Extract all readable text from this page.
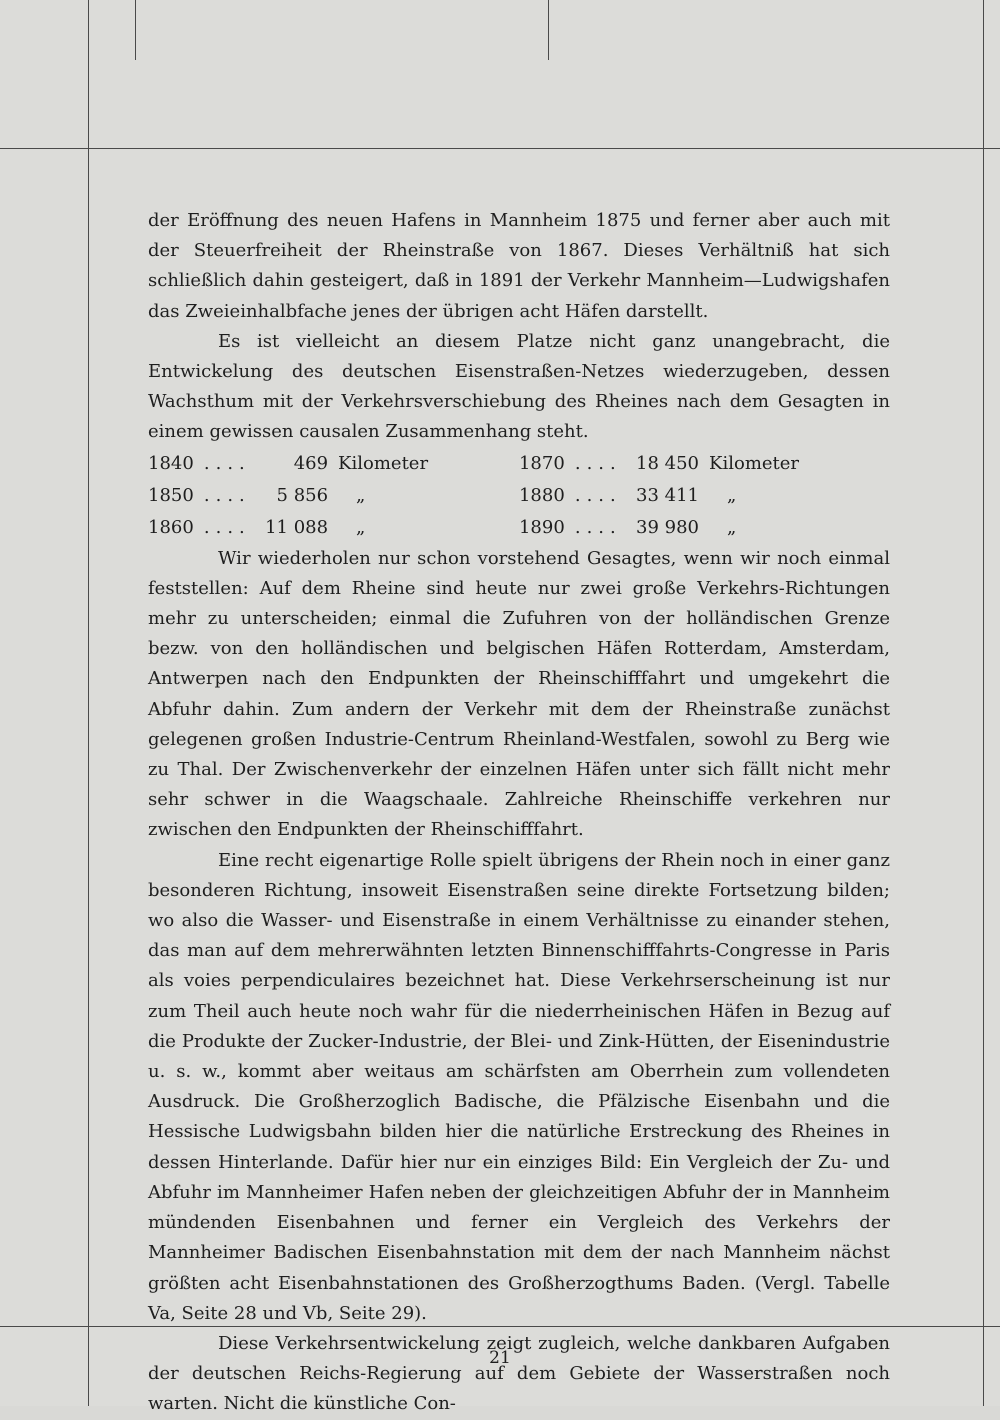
der Eröffnung des neuen Hafens in Mannheim 1875 und ferner aber auch mit der Steuerfreiheit der Rheinstraße von 1867. Dieses Verhältniß hat sich schließlich dahin gesteigert, daß in 1891 der Verkehr Mannheim—Ludwigshafen das Zweieinhalbfache jenes der übrigen acht Häfen darstellt.

Es ist vielleicht an diesem Platze nicht ganz unangebracht, die Entwickelung des deutschen Eisenstraßen-Netzes wiederzugeben, dessen Wachsthum mit der Verkehrsverschiebung des Rheines nach dem Gesagten in einem gewissen causalen Zusammenhang steht.

1840	....	469	Kilometer	1870	....	18 450	Kilometer
1850	....	5 856	„	1880	....	33 411	„
1860	....	11 088	„	1890	....	39 980	„

Wir wiederholen nur schon vorstehend Gesagtes, wenn wir noch einmal feststellen: Auf dem Rheine sind heute nur zwei große Verkehrs-Richtungen mehr zu unterscheiden; einmal die Zufuhren von der holländischen Grenze bezw. von den holländischen und belgischen Häfen Rotterdam, Amsterdam, Antwerpen nach den Endpunkten der Rheinschifffahrt und umgekehrt die Abfuhr dahin. Zum andern der Verkehr mit dem der Rheinstraße zunächst gelegenen großen Industrie-Centrum Rheinland-Westfalen, sowohl zu Berg wie zu Thal. Der Zwischenverkehr der einzelnen Häfen unter sich fällt nicht mehr sehr schwer in die Waagschaale. Zahlreiche Rheinschiffe verkehren nur zwischen den Endpunkten der Rheinschifffahrt.

Eine recht eigenartige Rolle spielt übrigens der Rhein noch in einer ganz besonderen Richtung, insoweit Eisenstraßen seine direkte Fortsetzung bilden; wo also die Wasser- und Eisenstraße in einem Verhältnisse zu einander stehen, das man auf dem mehrerwähnten letzten Binnenschifffahrts-Congresse in Paris als voies perpendiculaires bezeichnet hat. Diese Verkehrserscheinung ist nur zum Theil auch heute noch wahr für die niederrheinischen Häfen in Bezug auf die Produkte der Zucker-Industrie, der Blei- und Zink-Hütten, der Eisenindustrie u. s. w., kommt aber weitaus am schärfsten am Oberrhein zum vollendeten Ausdruck. Die Großherzoglich Badische, die Pfälzische Eisenbahn und die Hessische Ludwigsbahn bilden hier die natürliche Erstreckung des Rheines in dessen Hinterlande. Dafür hier nur ein einziges Bild: Ein Vergleich der Zu- und Abfuhr im Mannheimer Hafen neben der gleichzeitigen Abfuhr der in Mannheim mündenden Eisenbahnen und ferner ein Vergleich des Verkehrs der Mannheimer Badischen Eisenbahnstation mit dem der nach Mannheim nächst größten acht Eisenbahnstationen des Großherzogthums Baden. (Vergl. Tabelle Va, Seite 28 und Vb, Seite 29).

Diese Verkehrsentwickelung zeigt zugleich, welche dankbaren Aufgaben der deutschen Reichs-Regierung auf dem Gebiete der Wasserstraßen noch warten. Nicht die künstliche Con-

21
